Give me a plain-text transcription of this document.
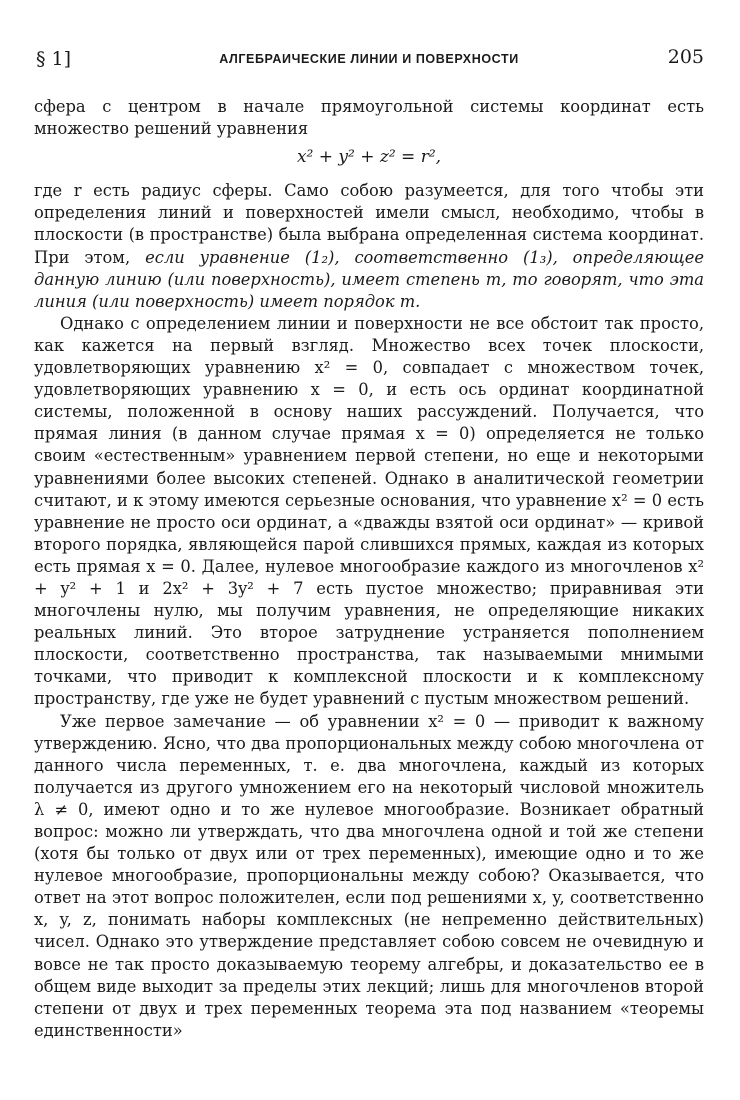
§ 1]	АЛГЕБРАИЧЕСКИЕ ЛИНИИ И ПОВЕРХНОСТИ	205

сфера с центром в начале прямоугольной системы координат есть множество решений уравнения

x² + y² + z² = r²,

где r есть радиус сферы. Само собою разумеется, для того чтобы эти определения линий и поверхностей имели смысл, необходимо, чтобы в плоскости (в пространстве) была выбрана определенная система координат. При этом, если уравнение (1₂), соответственно (1₃), определяющее данную линию (или поверхность), имеет степень m, то говорят, что эта линия (или поверхность) имеет порядок m.

Однако с определением линии и поверхности не все обстоит так просто, как кажется на первый взгляд. Множество всех точек плоскости, удовлетворяющих уравнению x² = 0, совпадает с множеством точек, удовлетворяющих уравнению x = 0, и есть ось ординат координатной системы, положенной в основу наших рассуждений. Получается, что прямая линия (в данном случае прямая x = 0) определяется не только своим «естественным» уравнением первой степени, но еще и некоторыми уравнениями более высоких степеней. Однако в аналитической геометрии считают, и к этому имеются серьезные основания, что уравнение x² = 0 есть уравнение не просто оси ординат, а «дважды взятой оси ординат» — кривой второго порядка, являющейся парой слившихся прямых, каждая из которых есть прямая x = 0. Далее, нулевое многообразие каждого из многочленов x² + y² + 1 и 2x² + 3y² + 7 есть пустое множество; приравнивая эти многочлены нулю, мы получим уравнения, не определяющие никаких реальных линий. Это второе затруднение устраняется пополнением плоскости, соответственно пространства, так называемыми мнимыми точками, что приводит к комплексной плоскости и к комплексному пространству, где уже не будет уравнений с пустым множеством решений.

Уже первое замечание — об уравнении x² = 0 — приводит к важному утверждению. Ясно, что два пропорциональных между собою многочлена от данного числа переменных, т. е. два многочлена, каждый из которых получается из другого умножением его на некоторый числовой множитель λ ≠ 0, имеют одно и то же нулевое многообразие. Возникает обратный вопрос: можно ли утверждать, что два многочлена одной и той же степени (хотя бы только от двух или от трех переменных), имеющие одно и то же нулевое многообразие, пропорциональны между собою? Оказывается, что ответ на этот вопрос положителен, если под решениями x, y, соответственно x, y, z, понимать наборы комплексных (не непременно действительных) чисел. Однако это утверждение представляет собою совсем не очевидную и вовсе не так просто доказываемую теорему алгебры, и доказательство ее в общем виде выходит за пределы этих лекций; лишь для многочленов второй степени от двух и трех переменных теорема эта под названием «теоремы единственности»
